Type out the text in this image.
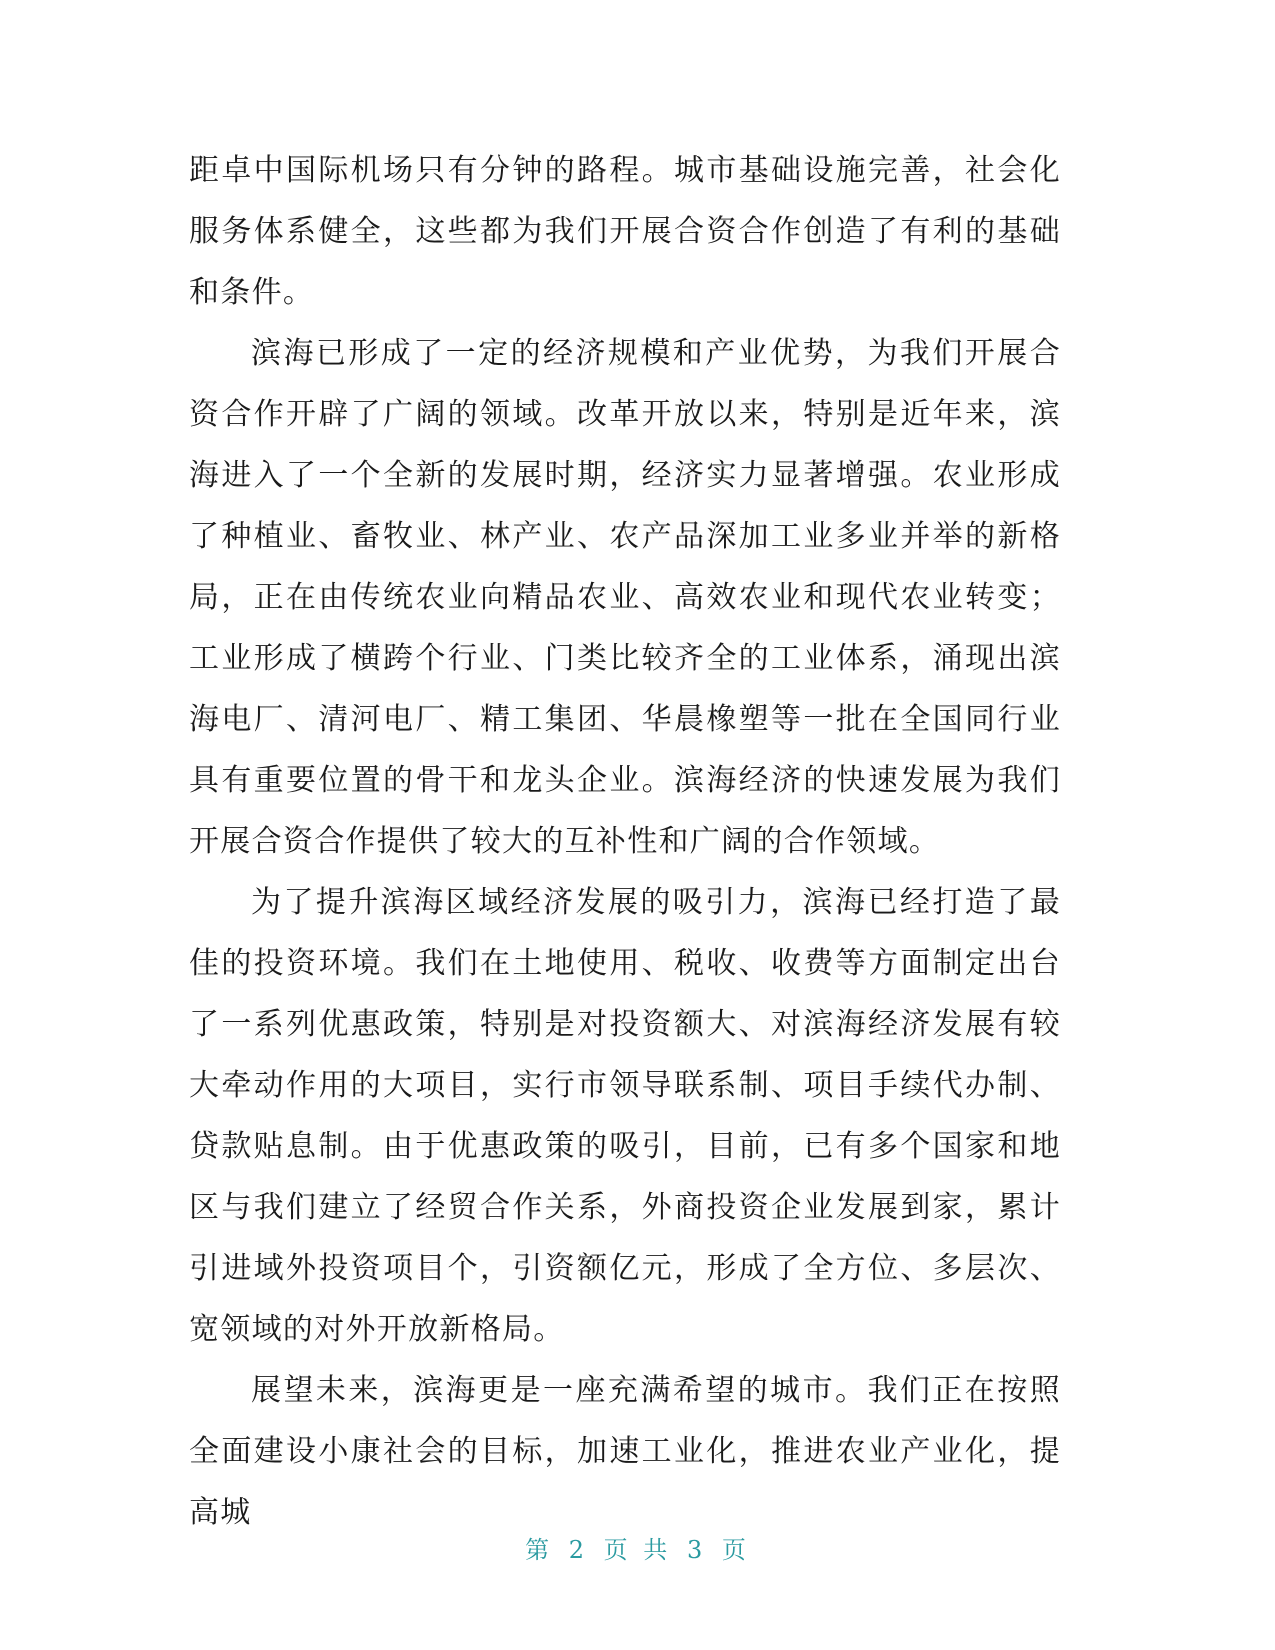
距卓中国际机场只有分钟的路程。城市基础设施完善，社会化服务体系健全，这些都为我们开展合资合作创造了有利的基础和条件。

滨海已形成了一定的经济规模和产业优势，为我们开展合资合作开辟了广阔的领域。改革开放以来，特别是近年来，滨海进入了一个全新的发展时期，经济实力显著增强。农业形成了种植业、畜牧业、林产业、农产品深加工业多业并举的新格局，正在由传统农业向精品农业、高效农业和现代农业转变；工业形成了横跨个行业、门类比较齐全的工业体系，涌现出滨海电厂、清河电厂、精工集团、华晨橡塑等一批在全国同行业具有重要位置的骨干和龙头企业。滨海经济的快速发展为我们开展合资合作提供了较大的互补性和广阔的合作领域。

为了提升滨海区域经济发展的吸引力，滨海已经打造了最佳的投资环境。我们在土地使用、税收、收费等方面制定出台了一系列优惠政策，特别是对投资额大、对滨海经济发展有较大牵动作用的大项目，实行市领导联系制、项目手续代办制、贷款贴息制。由于优惠政策的吸引，目前，已有多个国家和地区与我们建立了经贸合作关系，外商投资企业发展到家，累计引进域外投资项目个，引资额亿元，形成了全方位、多层次、宽领域的对外开放新格局。

展望未来，滨海更是一座充满希望的城市。我们正在按照全面建设小康社会的目标，加速工业化，推进农业产业化，提高城

第 2 页 共 3 页
